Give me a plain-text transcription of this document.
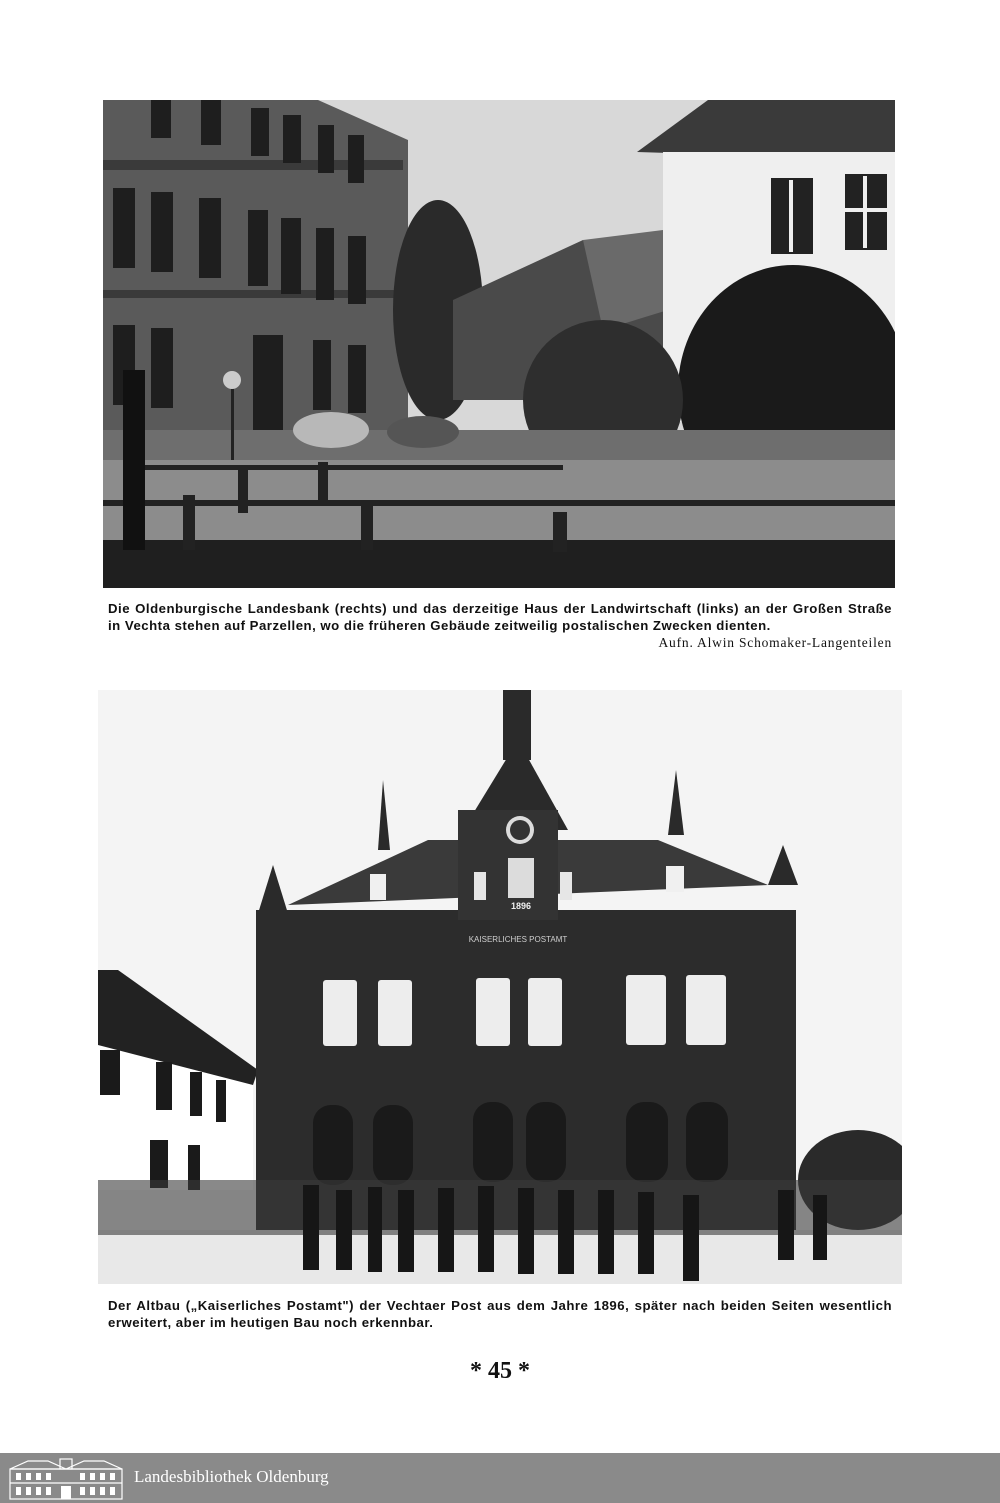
Die Oldenburgische Landesbank (rechts) und das derzeitige Haus der Landwirtschaft (links) an der Großen Straße in Vechta stehen auf Parzellen, wo die früheren Gebäude zeitweilig postalischen Zwecken dienten.
Aufn. Alwin Schomaker-Langenteilen
1896
KAISERLICHES POSTAMT
Der Altbau („Kaiserliches Postamt") der Vechtaer Post aus dem Jahre 1896, später nach beiden Seiten wesentlich erweitert, aber im heutigen Bau noch erkennbar.
* 45 *
Landesbibliothek Oldenburg
